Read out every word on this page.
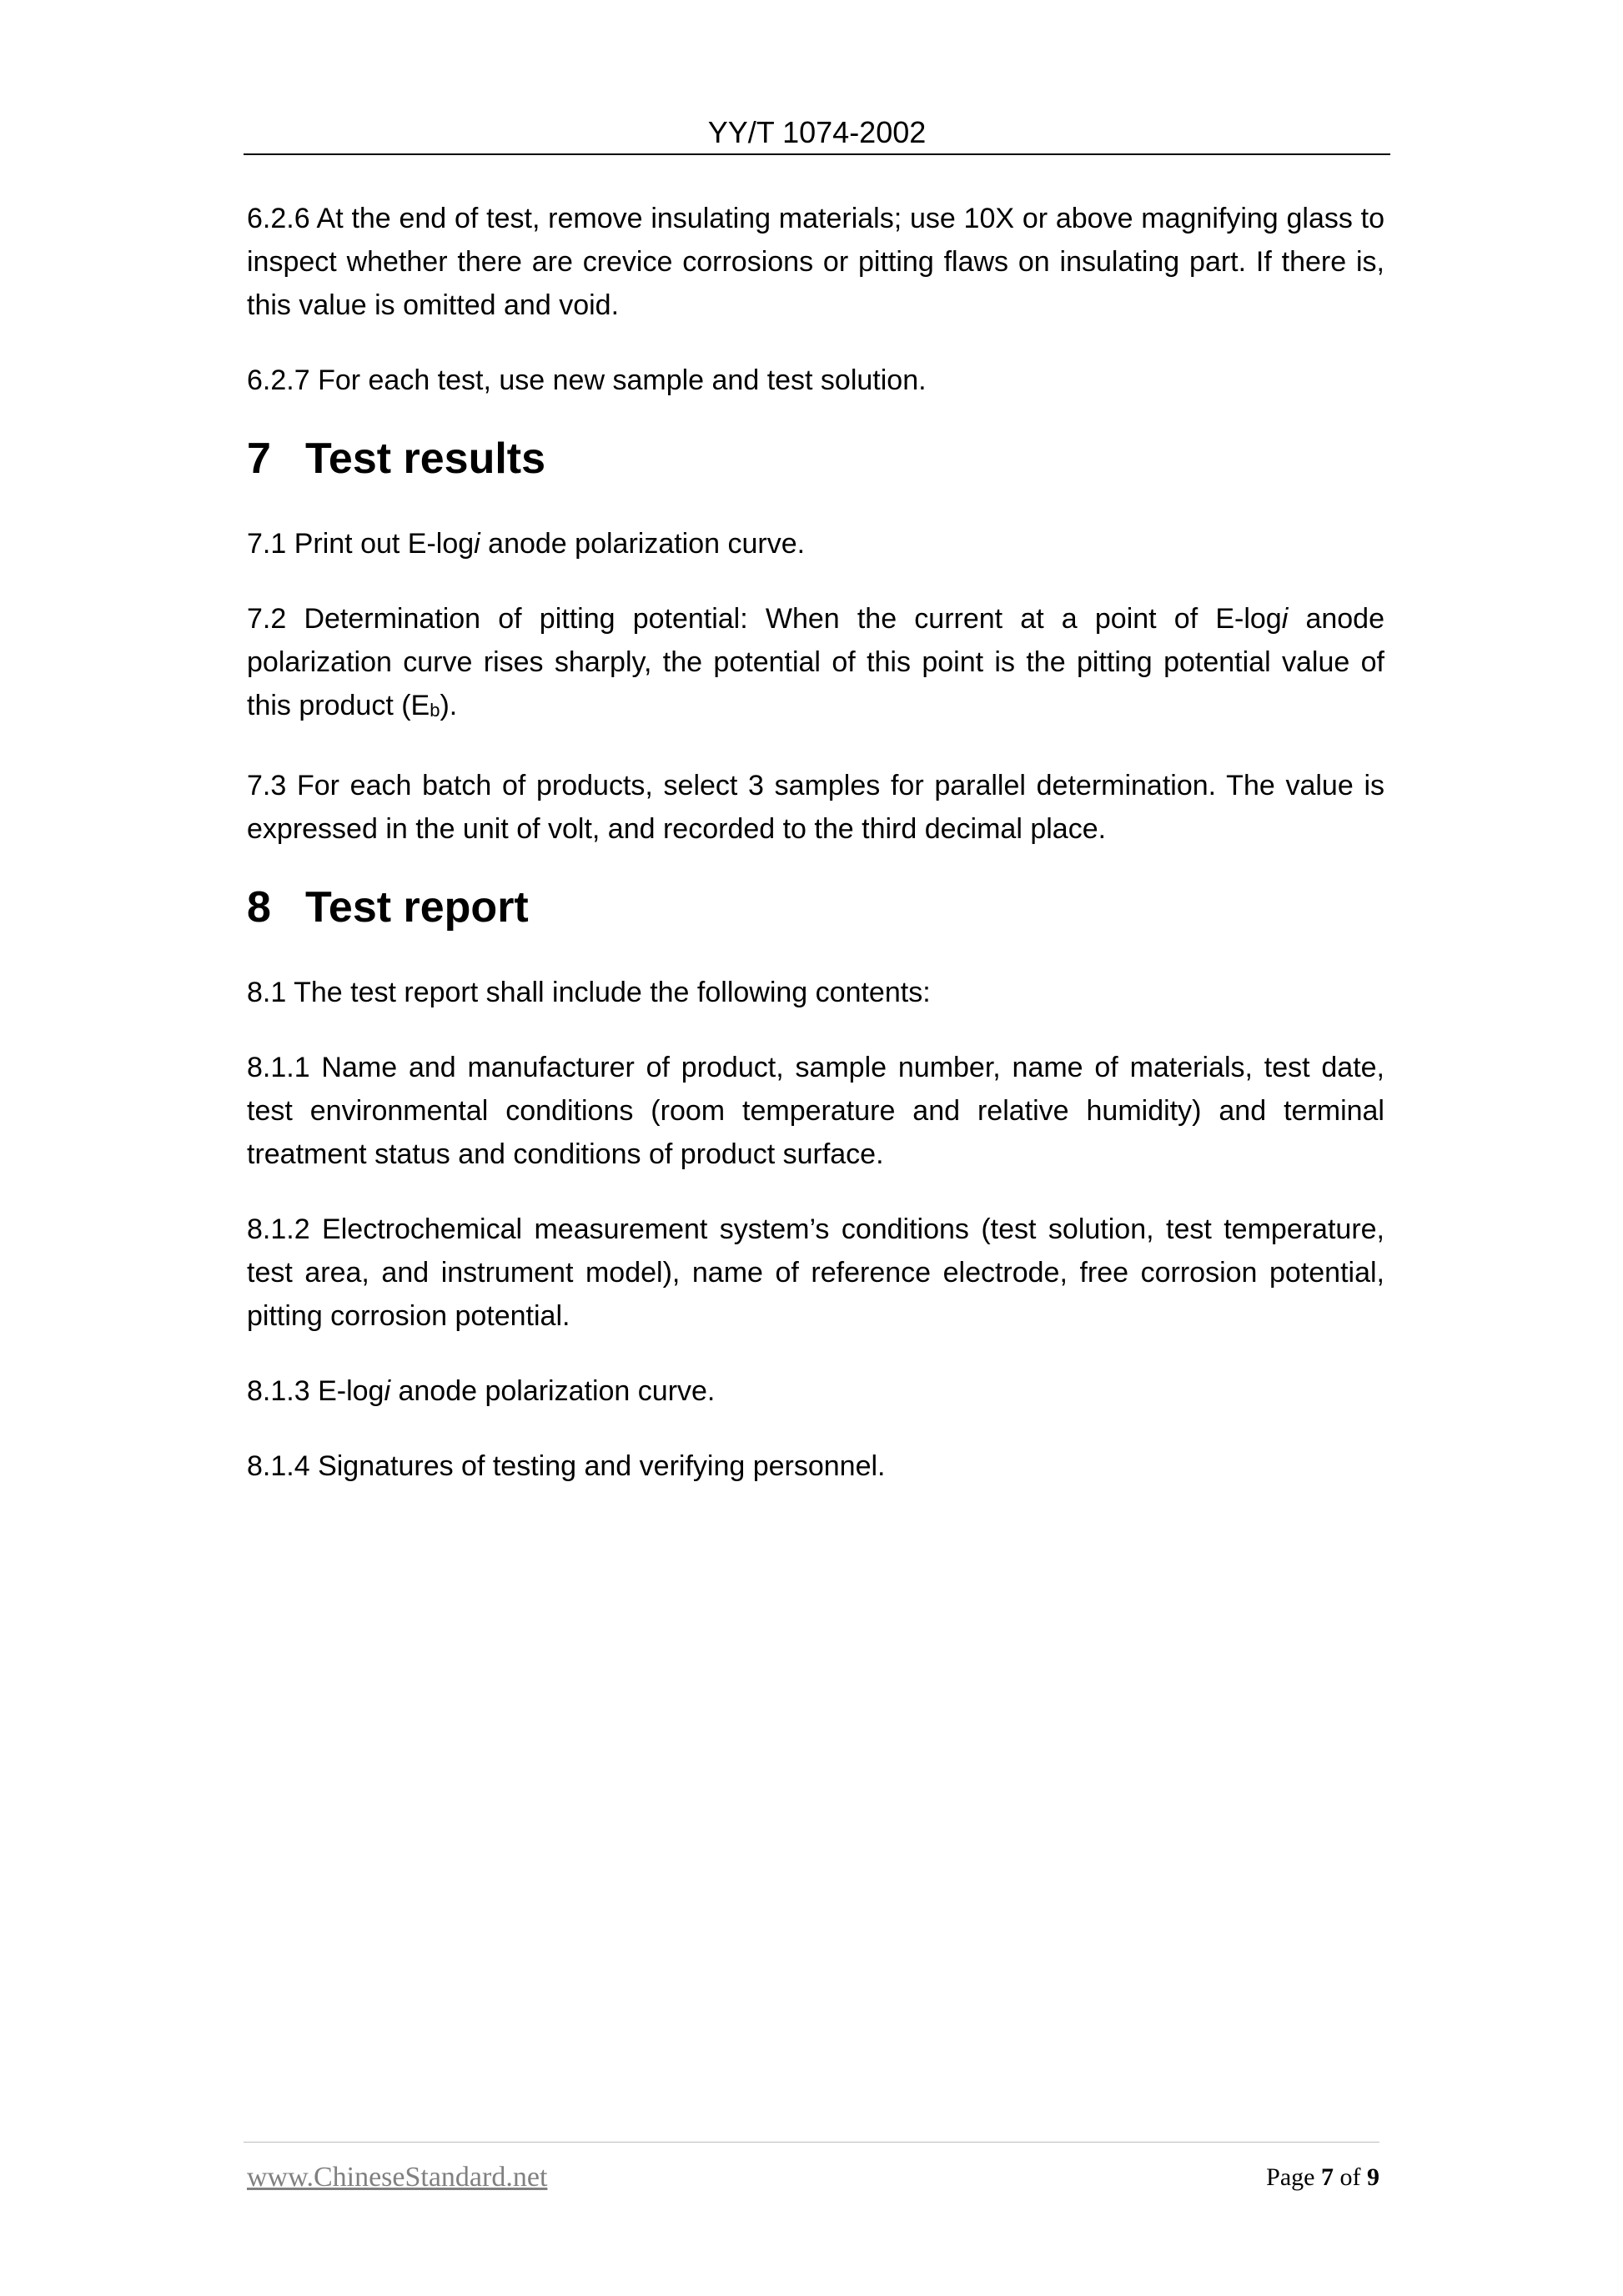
YY/T 1074-2002

6.2.6 At the end of test, remove insulating materials; use 10X or above magnifying glass to inspect whether there are crevice corrosions or pitting flaws on insulating part. If there is, this value is omitted and void.

6.2.7 For each test, use new sample and test solution.

7 Test results

7.1 Print out E-logi anode polarization curve.

7.2 Determination of pitting potential: When the current at a point of E-logi anode polarization curve rises sharply, the potential of this point is the pitting potential value of this product (Eb).

7.3 For each batch of products, select 3 samples for parallel determination. The value is expressed in the unit of volt, and recorded to the third decimal place.

8 Test report

8.1 The test report shall include the following contents:

8.1.1 Name and manufacturer of product, sample number, name of materials, test date, test environmental conditions (room temperature and relative humidity) and terminal treatment status and conditions of product surface.

8.1.2 Electrochemical measurement system’s conditions (test solution, test temperature, test area, and instrument model), name of reference electrode, free corrosion potential, pitting corrosion potential.

8.1.3 E-logi anode polarization curve.

8.1.4 Signatures of testing and verifying personnel.

www.ChineseStandard.net	Page 7 of 9
